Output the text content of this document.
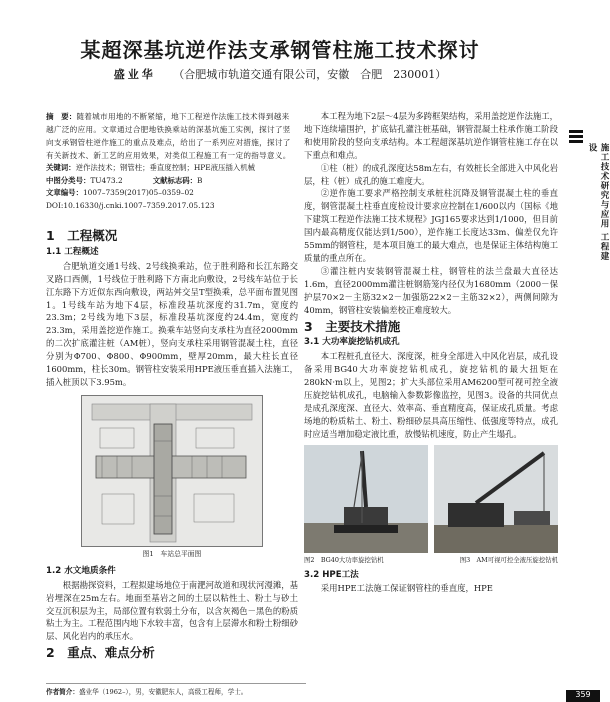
某超深基坑逆作法支承钢管柱施工技术探讨
盛业华 （合肥城市轨道交通有限公司，安徽　合肥　230001）
摘　要：随着城市用地的不断紧缩，地下工程逆作法施工技术得到越来越广泛的应用。文章通过合肥地铁换乘站的深基坑施工实例，探讨了竖向支承钢管柱逆作施工的重点及难点，给出了一系列应对措施，探讨了有关新技术、新工艺的应用效果，对类似工程施工有一定的指导意义。
关键词：逆作法技术；钢管柱；垂直度控制；HPE液压插入机械
中图分类号：TU473.2	文献标志码：B
文章编号：1007–7359(2017)05–0359–02
DOI:10.16330/j.cnki.1007–7359.2017.05.123
1　工程概况
1.1 工程概述

合肥轨道交通1号线、2号线换乘站，位于胜利路和长江东路交叉路口西侧，1号线位于胜利路下方南北向敷设，2号线车站位于长江东路下方近似东西向敷设，两站舛交呈T型换乘，总平面布置见图1。1号线车站为地下4层，标准段基坑深度约31.7m，宽度约23.3m；2号线为地下3层，标准段基坑深度约24.4m，宽度约23.3m，采用盖挖逆作施工。换乘车站竖向支承柱为直径2000mm的二次扩底灌注桩（AM桩），竖向支承柱采用钢管混凝土柱，直径分别为Φ700、Φ800、Φ900mm，壁厚20mm，最大柱长直径1600mm，柱长30m。钢管柱安装采用HPE液压垂直插入法施工，插入桩顶以下3.95m。

图1　车站总平面图
1.2 水文地质条件

根据勘探资料，工程拟建场地位于南淝河故道和现状河漫滩，基岩埋深在25m左右。地面至基岩之间的土层以粘性土、粉土与砂土交互沉积层为主，局部位置有软弱土分布，以含灰褐色－黑色的粉质粘土为主。工程范围内地下水较丰富，包含有上层滞水和粉土粉细砂层、风化岩内的承压水。

2　重点、难点分析

本工程为地下2层～4层为多跨框架结构，采用盖挖逆作法施工，地下连续墙围护，扩底钻孔灌注桩基础，钢管混凝土柱承作施工阶段和使用阶段的竖向支承结构。本工程超深基坑逆作钢管柱施工存在以下重点和难点。

①柱（桩）的成孔深度达58m左右，有效桩长全部进入中风化岩层，柱（桩）成孔的施工难度大。

②逆作施工要求严格控制支承桩柱沉降及钢管混凝土柱的垂直度，钢管混凝土柱垂直度检设计要求应控制在1/600以内（国标《地下建筑工程逆作法施工技术规程》JGJ165要求达到1/1000，但目前国内最高精度仅能达到1/500），逆作施工长度达33m、偏差仅允许55mm的钢管柱，是本项目施工的最大难点，也是保证主体结构施工质量的重点所在。

③灌注桩内安装钢管混凝土柱，钢管柱的法兰盘最大直径达1.6m，直径2000mm灌注桩钢筋笼内径仅为1680mm（2000－保护层70×2－主筋32×2－加强筋22×2－主筋32×2），两侧间隙为40mm，钢管柱安装偏差校正难度较大。

3　主要技术措施
3.1 大功率旋挖钻机成孔

本工程桩孔直径大、深度深，桩身全部进入中风化岩层，成孔设备采用BG40大功率旋挖钻机成孔，旋挖钻机的最大扭矩在280kN·m以上，见图2；扩大头部位采用AM6200型可视可控全液压旋挖钻机成孔，电脑输入参数影像监控，见图3。设备的共同优点是成孔深度深、直径大、效率高、垂直精度高，保证成孔质量。考虑场地的粉质粘土、粉土、粉细砂层具高压缩性、低强度等特点，成孔时应适当增加稳定液比重，放慢钻机速度，防止产生塌孔。

图2　BG40大功率旋挖钻机	图3　AM可视可控全液压旋挖钻机
3.2 HPE工法

采用HPE工法施工保证钢管柱的垂直度，HPE

作者简介：盛业华（1962–），男，安徽肥东人，高级工程师，学士。
施工技术研究与应用 工程建设
359
